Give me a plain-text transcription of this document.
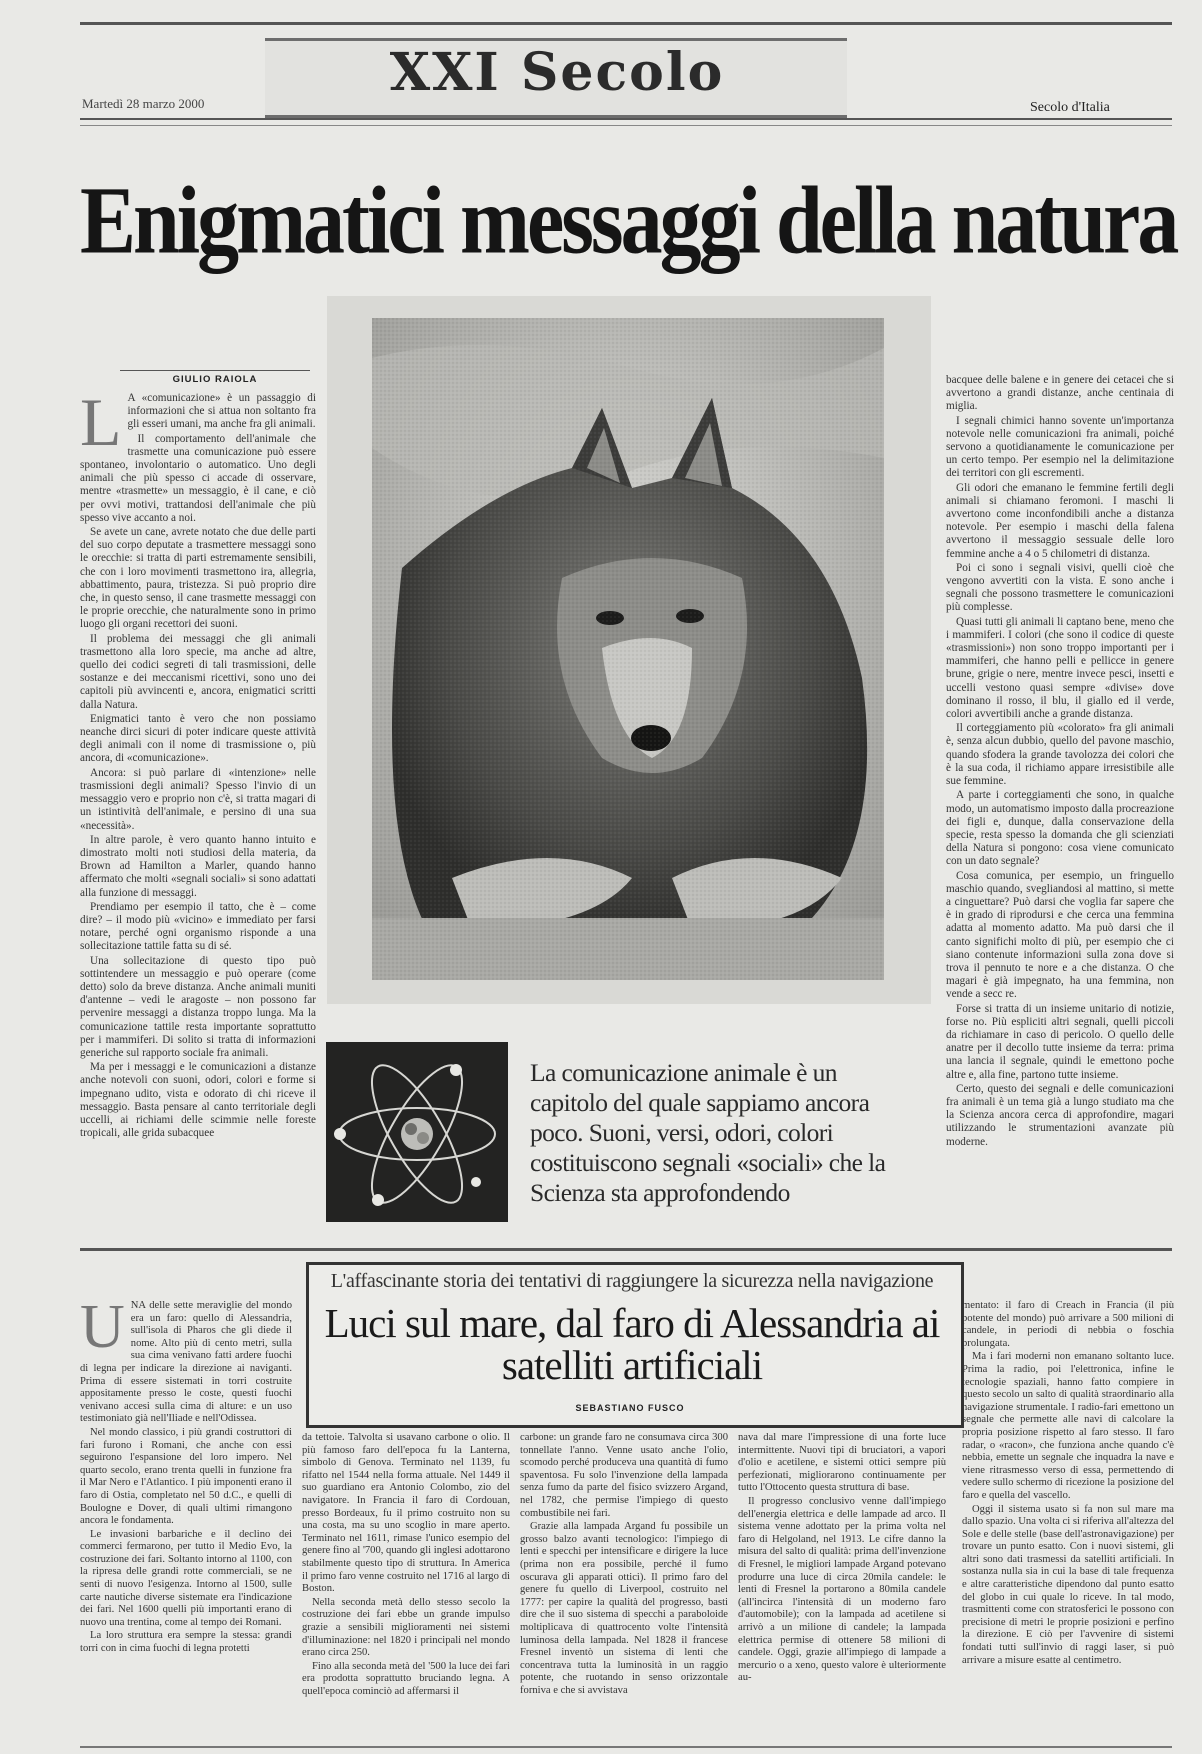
XXI Secolo
Martedì 28 marzo 2000	Secolo d'Italia
Enigmatici messaggi della natura
GIULIO RAIOLA

L A «comunicazione» è un passaggio di informazioni che si attua non soltanto fra gli esseri umani, ma anche fra gli animali.

Il comportamento dell'animale che trasmette una comunicazione può essere spontaneo, involontario o automatico. Uno degli animali che più spesso ci accade di osservare, mentre «trasmette» un messaggio, è il cane, e ciò per ovvi motivi, trattandosi dell'animale che più spesso vive accanto a noi.

Se avete un cane, avrete notato che due delle parti del suo corpo deputate a trasmettere messaggi sono le orecchie: si tratta di parti estremamente sensibili, che con i loro movimenti trasmettono ira, allegria, abbattimento, paura, tristezza. Si può proprio dire che, in questo senso, il cane trasmette messaggi con le proprie orecchie, che naturalmente sono in primo luogo gli organi recettori dei suoni.

Il problema dei messaggi che gli animali trasmettono alla loro specie, ma anche ad altre, quello dei codici segreti di tali trasmissioni, delle sostanze e dei meccanismi ricettivi, sono uno dei capitoli più avvincenti e, ancora, enigmatici scritti dalla Natura.

Enigmatici tanto è vero che non possiamo neanche dirci sicuri di poter indicare queste attività degli animali con il nome di trasmissione o, più ancora, di «comunicazione».

Ancora: si può parlare di «intenzione» nelle trasmissioni degli animali? Spesso l'invio di un messaggio vero e proprio non c'è, si tratta magari di un istintività dell'animale, e persino di una sua «necessità».

In altre parole, è vero quanto hanno intuito e dimostrato molti noti studiosi della materia, da Brown ad Hamilton a Marler, quando hanno affermato che molti «segnali sociali» si sono adattati alla funzione di messaggi.

Prendiamo per esempio il tatto, che è – come dire? – il modo più «vicino» e immediato per farsi notare, perché ogni organismo risponde a una sollecitazione tattile fatta su di sé.

Una sollecitazione di questo tipo può sottintendere un messaggio e può operare (come detto) solo da breve distanza. Anche animali muniti d'antenne – vedi le aragoste – non possono far pervenire messaggi a distanza troppo lunga. Ma la comunicazione tattile resta importante soprattutto per i mammiferi. Di solito si tratta di informazioni generiche sul rapporto sociale fra animali.

Ma per i messaggi e le comunicazioni a distanze anche notevoli con suoni, odori, colori e forme si impegnano udito, vista e odorato di chi riceve il messaggio. Basta pensare al canto territoriale degli uccelli, ai richiami delle scimmie nelle foreste tropicali, alle grida subacquee

bacquee delle balene e in genere dei cetacei che si avvertono a grandi distanze, anche centinaia di miglia.

I segnali chimici hanno sovente un'importanza notevole nelle comunicazioni fra animali, poiché servono a quotidianamente le comunicazione per un certo tempo. Per esempio nel la delimitazione dei territori con gli escrementi.

Gli odori che emanano le femmine fertili degli animali si chiamano feromoni. I maschi li avvertono come inconfondibili anche a distanza notevole. Per esempio i maschi della falena avvertono il messaggio sessuale delle loro femmine anche a 4 o 5 chilometri di distanza.

Poi ci sono i segnali visivi, quelli cioè che vengono avvertiti con la vista. E sono anche i segnali che possono trasmettere le comunicazioni più complesse.

Quasi tutti gli animali li captano bene, meno che i mammiferi. I colori (che sono il codice di queste «trasmissioni») non sono troppo importanti per i mammiferi, che hanno pelli e pellicce in genere brune, grigie o nere, mentre invece pesci, insetti e uccelli vestono quasi sempre «divise» dove dominano il rosso, il blu, il giallo ed il verde, colori avvertibili anche a grande distanza.

Il corteggiamento più «colorato» fra gli animali è, senza alcun dubbio, quello del pavone maschio, quando sfodera la grande tavolozza dei colori che è la sua coda, il richiamo appare irresistibile alle sue femmine.

A parte i corteggiamenti che sono, in qualche modo, un automatismo imposto dalla procreazione dei figli e, dunque, dalla conservazione della specie, resta spesso la domanda che gli scienziati della Natura si pongono: cosa viene comunicato con un dato segnale?

Cosa comunica, per esempio, un fringuello maschio quando, svegliandosi al mattino, si mette a cinguettare? Può darsi che voglia far sapere che è in grado di riprodursi e che cerca una femmina adatta al momento adatto. Ma può darsi che il canto significhi molto di più, per esempio che ci siano contenute informazioni sulla zona dove si trova il pennuto te nore e a che distanza. O che magari è già impegnato, ha una femmina, non vende a secc re.

Forse si tratta di un insieme unitario di notizie, forse no. Più espliciti altri segnali, quelli piccoli da richiamare in caso di pericolo. O quello delle anatre per il decollo tutte insieme da terra: prima una lancia il segnale, quindi le emettono poche altre e, alla fine, partono tutte insieme.

Certo, questo dei segnali e delle comunicazioni fra animali è un tema già a lungo studiato ma che la Scienza ancora cerca di approfondire, magari utilizzando le strumentazioni avanzate più moderne.

La comunicazione animale è un capitolo del quale sappiamo ancora poco. Suoni, versi, odori, colori costituiscono segnali «sociali» che la Scienza sta approfondendo
L'affascinante storia dei tentativi di raggiungere la sicurezza nella navigazione
Luci sul mare, dal faro di Alessandria ai satelliti artificiali
SEBASTIANO FUSCO

UNA delle sette meraviglie del mondo era un faro: quello di Alessandria, sull'isola di Pharos che gli diede il nome. Alto più di cento metri, sulla sua cima venivano fatti ardere fuochi di legna per indicare la direzione ai naviganti. Prima di essere sistemati in torri costruite appositamente presso le coste, questi fuochi venivano accesi sulla cima di alture: e un uso testimoniato già nell'Iliade e nell'Odissea.

Nel mondo classico, i più grandi costruttori di fari furono i Romani, che anche con essi seguirono l'espansione del loro impero. Nel quarto secolo, erano trenta quelli in funzione fra il Mar Nero e l'Atlantico. I più imponenti erano il faro di Ostia, completato nel 50 d.C., e quelli di Boulogne e Dover, di quali ultimi rimangono ancora le fondamenta.

Le invasioni barbariche e il declino dei commerci fermarono, per tutto il Medio Evo, la costruzione dei fari. Soltanto intorno al 1100, con la ripresa delle grandi rotte commerciali, se ne sentì di nuovo l'esigenza. Intorno al 1500, sulle carte nautiche diverse sistemate era l'indicazione dei fari. Nel 1600 quelli più importanti erano di nuovo una trentina, come al tempo dei Romani.

La loro struttura era sempre la stessa: grandi torri con in cima fuochi di legna protetti

da tettoie. Talvolta si usavano carbone o olio. Il più famoso faro dell'epoca fu la Lanterna, simbolo di Genova. Terminato nel 1139, fu rifatto nel 1544 nella forma attuale. Nel 1449 il suo guardiano era Antonio Colombo, zio del navigatore. In Francia il faro di Cordouan, presso Bordeaux, fu il primo costruito non su una costa, ma su uno scoglio in mare aperto. Terminato nel 1611, rimase l'unico esempio del genere fino al '700, quando gli inglesi adottarono stabilmente questo tipo di struttura. In America il primo faro venne costruito nel 1716 al largo di Boston.

Nella seconda metà dello stesso secolo la costruzione dei fari ebbe un grande impulso grazie a sensibili miglioramenti nei sistemi d'illuminazione: nel 1820 i principali nel mondo erano circa 250.

Fino alla seconda metà del '500 la luce dei fari era prodotta soprattutto bruciando legna. A quell'epoca cominciò ad affermarsi il

carbone: un grande faro ne consumava circa 300 tonnellate l'anno. Venne usato anche l'olio, scomodo perché produceva una quantità di fumo spaventosa. Fu solo l'invenzione della lampada senza fumo da parte del fisico svizzero Argand, nel 1782, che permise l'impiego di questo combustibile nei fari.

Grazie alla lampada Argand fu possibile un grosso balzo avanti tecnologico: l'impiego di lenti e specchi per intensificare e dirigere la luce (prima non era possibile, perché il fumo oscurava gli apparati ottici). Il primo faro del genere fu quello di Liverpool, costruito nel 1777: per capire la qualità del progresso, basti dire che il suo sistema di specchi a paraboloide moltiplicava di quattrocento volte l'intensità luminosa della lampada. Nel 1828 il francese Fresnel inventò un sistema di lenti che concentrava tutta la luminosità in un raggio potente, che ruotando in senso orizzontale forniva e che si avvistava

nava dal mare l'impressione di una forte luce intermittente. Nuovi tipi di bruciatori, a vapori d'olio e acetilene, e sistemi ottici sempre più perfezionati, migliorarono continuamente per tutto l'Ottocento questa struttura di base.

Il progresso conclusivo venne dall'impiego dell'energia elettrica e delle lampade ad arco. Il sistema venne adottato per la prima volta nel faro di Helgoland, nel 1913. Le cifre danno la misura del salto di qualità: prima dell'invenzione di Fresnel, le migliori lampade Argand potevano produrre una luce di circa 20mila candele: le lenti di Fresnel la portarono a 80mila candele (all'incirca l'intensità di un moderno faro d'automobile); con la lampada ad acetilene si arrivò a un milione di candele; la lampada elettrica permise di ottenere 58 milioni di candele. Oggi, grazie all'impiego di lampade a mercurio o a xeno, questo valore è ulteriormente au-

mentato: il faro di Creach in Francia (il più potente del mondo) può arrivare a 500 milioni di candele, in periodi di nebbia o foschia prolungata.

Ma i fari moderni non emanano soltanto luce. Prima la radio, poi l'elettronica, infine le tecnologie spaziali, hanno fatto compiere in questo secolo un salto di qualità straordinario alla navigazione strumentale. I radio-fari emettono un segnale che permette alle navi di calcolare la propria posizione rispetto al faro stesso. Il faro radar, o «racon», che funziona anche quando c'è nebbia, emette un segnale che inquadra la nave e viene ritrasmesso verso di essa, permettendo di vedere sullo schermo di ricezione la posizione del faro e quella del vascello.

Oggi il sistema usato si fa non sul mare ma dallo spazio. Una volta ci si riferiva all'altezza del Sole e delle stelle (base dell'astronavigazione) per trovare un punto esatto. Con i nuovi sistemi, gli altri sono dati trasmessi da satelliti artificiali. In sostanza nulla sia in cui la base di tale frequenza e altre caratteristiche dipendono dal punto esatto del globo in cui quale lo riceve. In tal modo, trasmittenti come con stratosferici le possono con precisione di metri le proprie posizioni e perfino la direzione. E ciò per l'avvenire di sistemi fondati tutti sull'invio di raggi laser, si può arrivare a misure esatte al centimetro.
